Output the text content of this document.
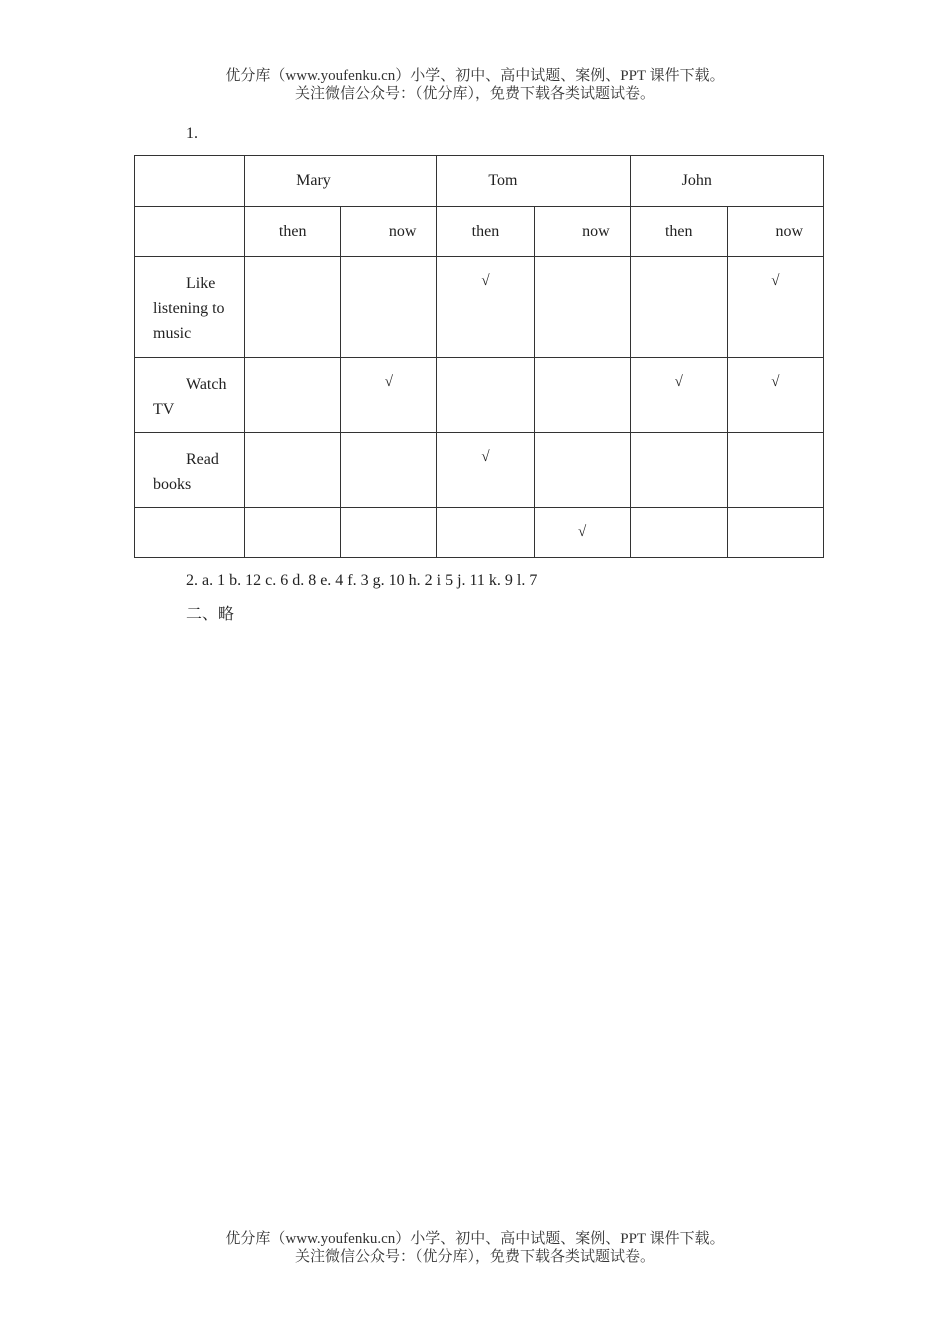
优分库（www.youfenku.cn）小学、初中、高中试题、案例、PPT 课件下载。
关注微信公众号：（优分库），免费下载各类试题试卷。
1.
	Mary		Tom		John	
	then	now	then	now	then	now
Like listening to music			√			√
Watch TV		√			√	√
Read books			√			
				√		
2. a. 1 b. 12 c. 6 d. 8 e. 4 f. 3 g. 10 h. 2 i 5 j. 11 k. 9 l. 7
二、略
优分库（www.youfenku.cn）小学、初中、高中试题、案例、PPT 课件下载。
关注微信公众号：（优分库），免费下载各类试题试卷。
